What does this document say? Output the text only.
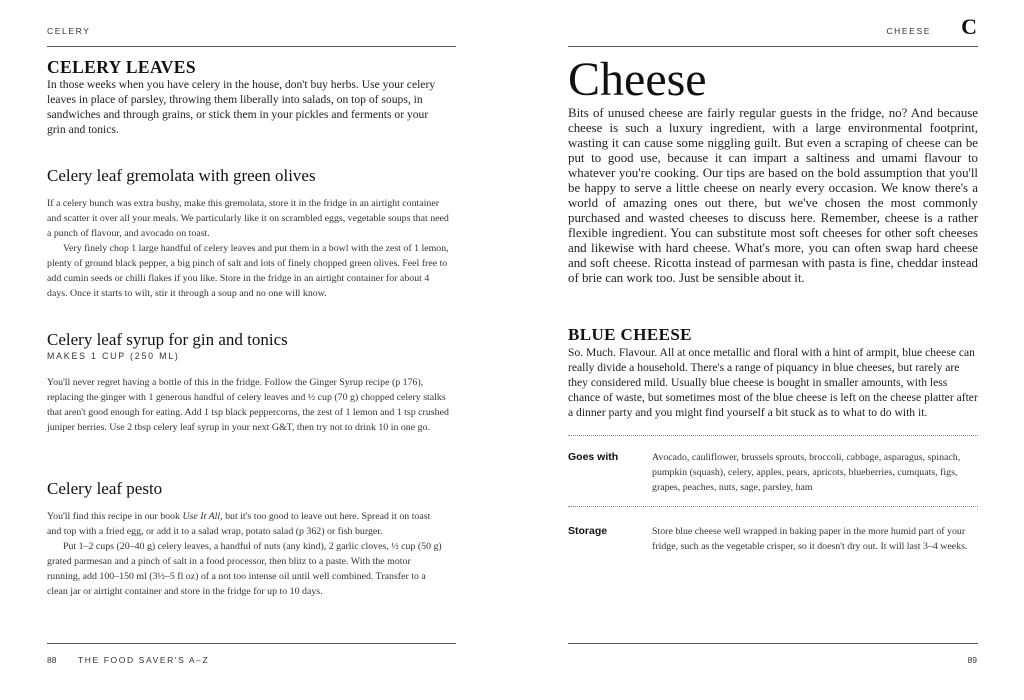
CELERY
CELERY LEAVES
In those weeks when you have celery in the house, don't buy herbs. Use your celery leaves in place of parsley, throwing them liberally into salads, on top of soups, in sandwiches and through grains, or stick them in your pickles and ferments or your grin and tonics.
Celery leaf gremolata with green olives

If a celery bunch was extra bushy, make this gremolata, store it in the fridge in an airtight container and scatter it over all your meals. We particularly like it on scrambled eggs, vegetable soups that need a punch of flavour, and avocado on toast.

Very finely chop 1 large handful of celery leaves and put them in a bowl with the zest of 1 lemon, plenty of ground black pepper, a big pinch of salt and lots of finely chopped green olives. Feel free to add cumin seeds or chilli flakes if you like. Store in the fridge in an airtight container for about 4 days. Once it starts to wilt, stir it through a soup and no one will know.

Celery leaf syrup for gin and tonics
MAKES 1 CUP (250 ML)

You'll never regret having a bottle of this in the fridge. Follow the Ginger Syrup recipe (p 176), replacing the ginger with 1 generous handful of celery leaves and ½ cup (70 g) chopped celery stalks that aren't good enough for eating. Add 1 tsp black peppercorns, the zest of 1 lemon and 1 tsp crushed juniper berries. Use 2 tbsp celery leaf syrup in your next G&T, then try not to drink 10 in one go.

Celery leaf pesto

You'll find this recipe in our book Use It All, but it's too good to leave out here. Spread it on toast and top with a fried egg, or add it to a salad wrap, potato salad (p 362) or fish burger.

Put 1–2 cups (20–40 g) celery leaves, a handful of nuts (any kind), 2 garlic cloves, ½ cup (50 g) grated parmesan and a pinch of salt in a food processor, then blitz to a paste. With the motor running, add 100–150 ml (3½–5 fl oz) of a not too intense oil until well combined. Transfer to a clean jar or airtight container and store in the fridge for up to 10 days.

88	THE FOOD SAVER'S A–Z
CHEESE C
Cheese
Bits of unused cheese are fairly regular guests in the fridge, no? And because cheese is such a luxury ingredient, with a large environmental footprint, wasting it can cause some niggling guilt. But even a scraping of cheese can be put to good use, because it can impart a saltiness and umami flavour to whatever you're cooking. Our tips are based on the bold assumption that you'll be happy to serve a little cheese on nearly every occasion. We know there's a world of amazing ones out there, but we've chosen the most commonly purchased and wasted cheeses to discuss here. Remember, cheese is a rather flexible ingredient. You can substitute most soft cheeses for other soft cheeses and likewise with hard cheese. What's more, you can often swap hard cheese and soft cheese. Ricotta instead of parmesan with pasta is fine, cheddar instead of brie can work too. Just be sensible about it.
BLUE CHEESE
So. Much. Flavour. All at once metallic and floral with a hint of armpit, blue cheese can really divide a household. There's a range of piquancy in blue cheeses, but rarely are they considered mild. Usually blue cheese is bought in smaller amounts, with less chance of waste, but sometimes most of the blue cheese is left on the cheese platter after a dinner party and you might find yourself a bit stuck as to what to do with it.
Goes with	Avocado, cauliflower, brussels sprouts, broccoli, cabbage, asparagus, spinach, pumpkin (squash), celery, apples, pears, apricots, blueberries, cumquats, figs, grapes, peaches, nuts, sage, parsley, ham
Storage	Store blue cheese well wrapped in baking paper in the more humid part of your fridge, such as the vegetable crisper, so it doesn't dry out. It will last 3–4 weeks.
89
